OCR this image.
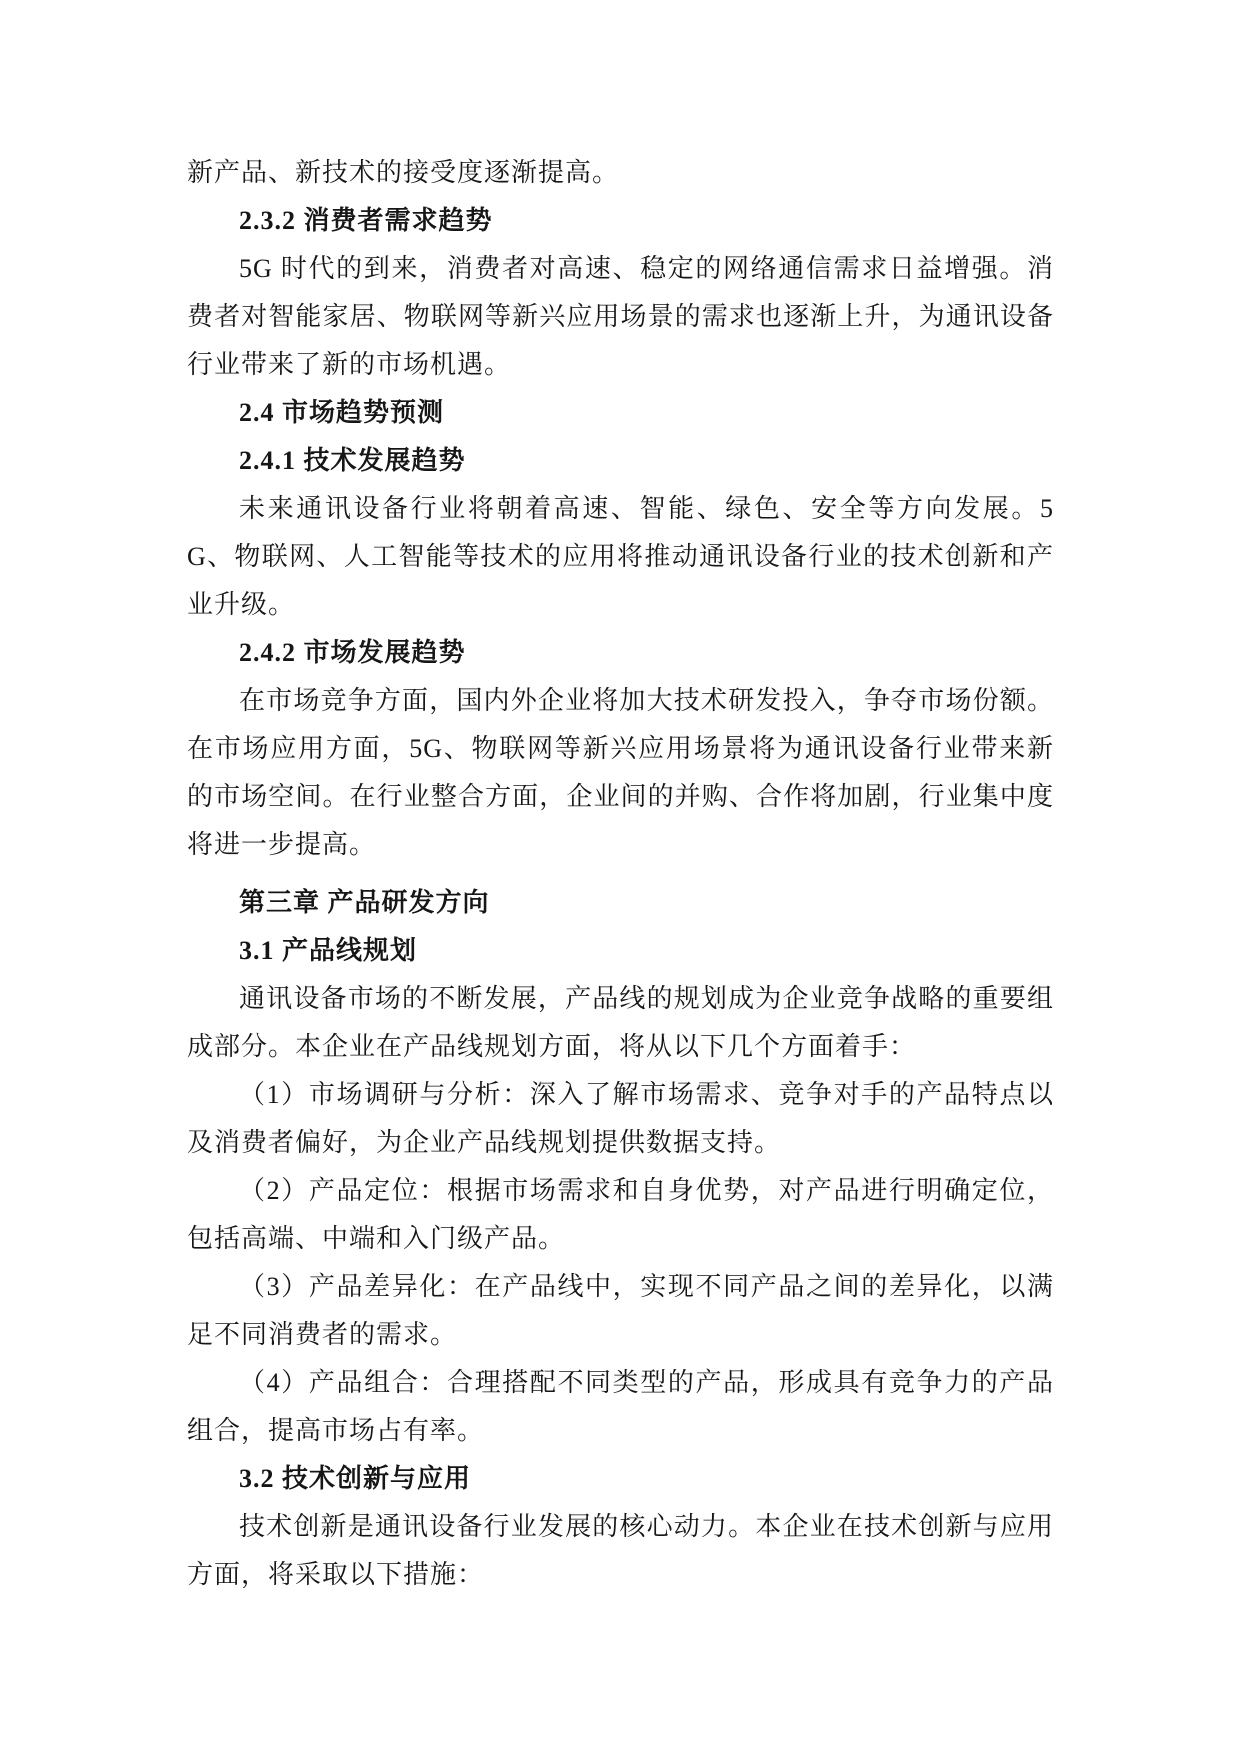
新产品、新技术的接受度逐渐提高。

2.3.2 消费者需求趋势

5G 时代的到来，消费者对高速、稳定的网络通信需求日益增强。消费者对智能家居、物联网等新兴应用场景的需求也逐渐上升，为通讯设备行业带来了新的市场机遇。

2.4 市场趋势预测

2.4.1 技术发展趋势

未来通讯设备行业将朝着高速、智能、绿色、安全等方向发展。5G、物联网、人工智能等技术的应用将推动通讯设备行业的技术创新和产业升级。

2.4.2 市场发展趋势

在市场竞争方面，国内外企业将加大技术研发投入，争夺市场份额。在市场应用方面，5G、物联网等新兴应用场景将为通讯设备行业带来新的市场空间。在行业整合方面，企业间的并购、合作将加剧，行业集中度将进一步提高。

第三章 产品研发方向

3.1 产品线规划

通讯设备市场的不断发展，产品线的规划成为企业竞争战略的重要组成部分。本企业在产品线规划方面，将从以下几个方面着手：

（1）市场调研与分析：深入了解市场需求、竞争对手的产品特点以及消费者偏好，为企业产品线规划提供数据支持。

（2）产品定位：根据市场需求和自身优势，对产品进行明确定位，包括高端、中端和入门级产品。

（3）产品差异化：在产品线中，实现不同产品之间的差异化，以满足不同消费者的需求。

（4）产品组合：合理搭配不同类型的产品，形成具有竞争力的产品组合，提高市场占有率。

3.2 技术创新与应用

技术创新是通讯设备行业发展的核心动力。本企业在技术创新与应用方面，将采取以下措施：
